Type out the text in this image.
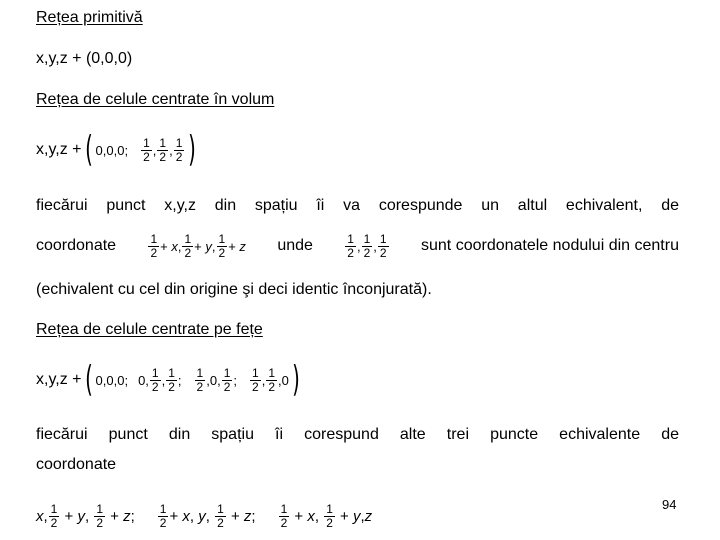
Rețea primitivă
x,y,z + (0,0,0)
Rețea de celule centrate în volum
x,y,z + ( 0,0,0; 1
2 , 1
2 , 1
2 )
fiecărui punct x,y,z din spațiu îi va corespunde un altul echivalent, de
coordonate	1
2 + x, 1
2 + y, 1
2 + z unde	1
2 , 1
2 , 1
2 sunt coordonatele nodului din centru
(echivalent cu cel din origine şi deci identic înconjurată).
Rețea de celule centrate pe fețe
x,y,z + ( 0,0,0; 0, 1
2 , 1
2 ; 1
2 ,0, 1
2 ; 1
2 , 1
2 ,0 )
fiecărui punct din spațiu îi corespund alte trei puncte echivalente de
coordonate
x , 1
2 + y, 1
2 + z; 1
2 + x, y, 1
2 + z; 1
2 + x, 1
2 + y,z
94
